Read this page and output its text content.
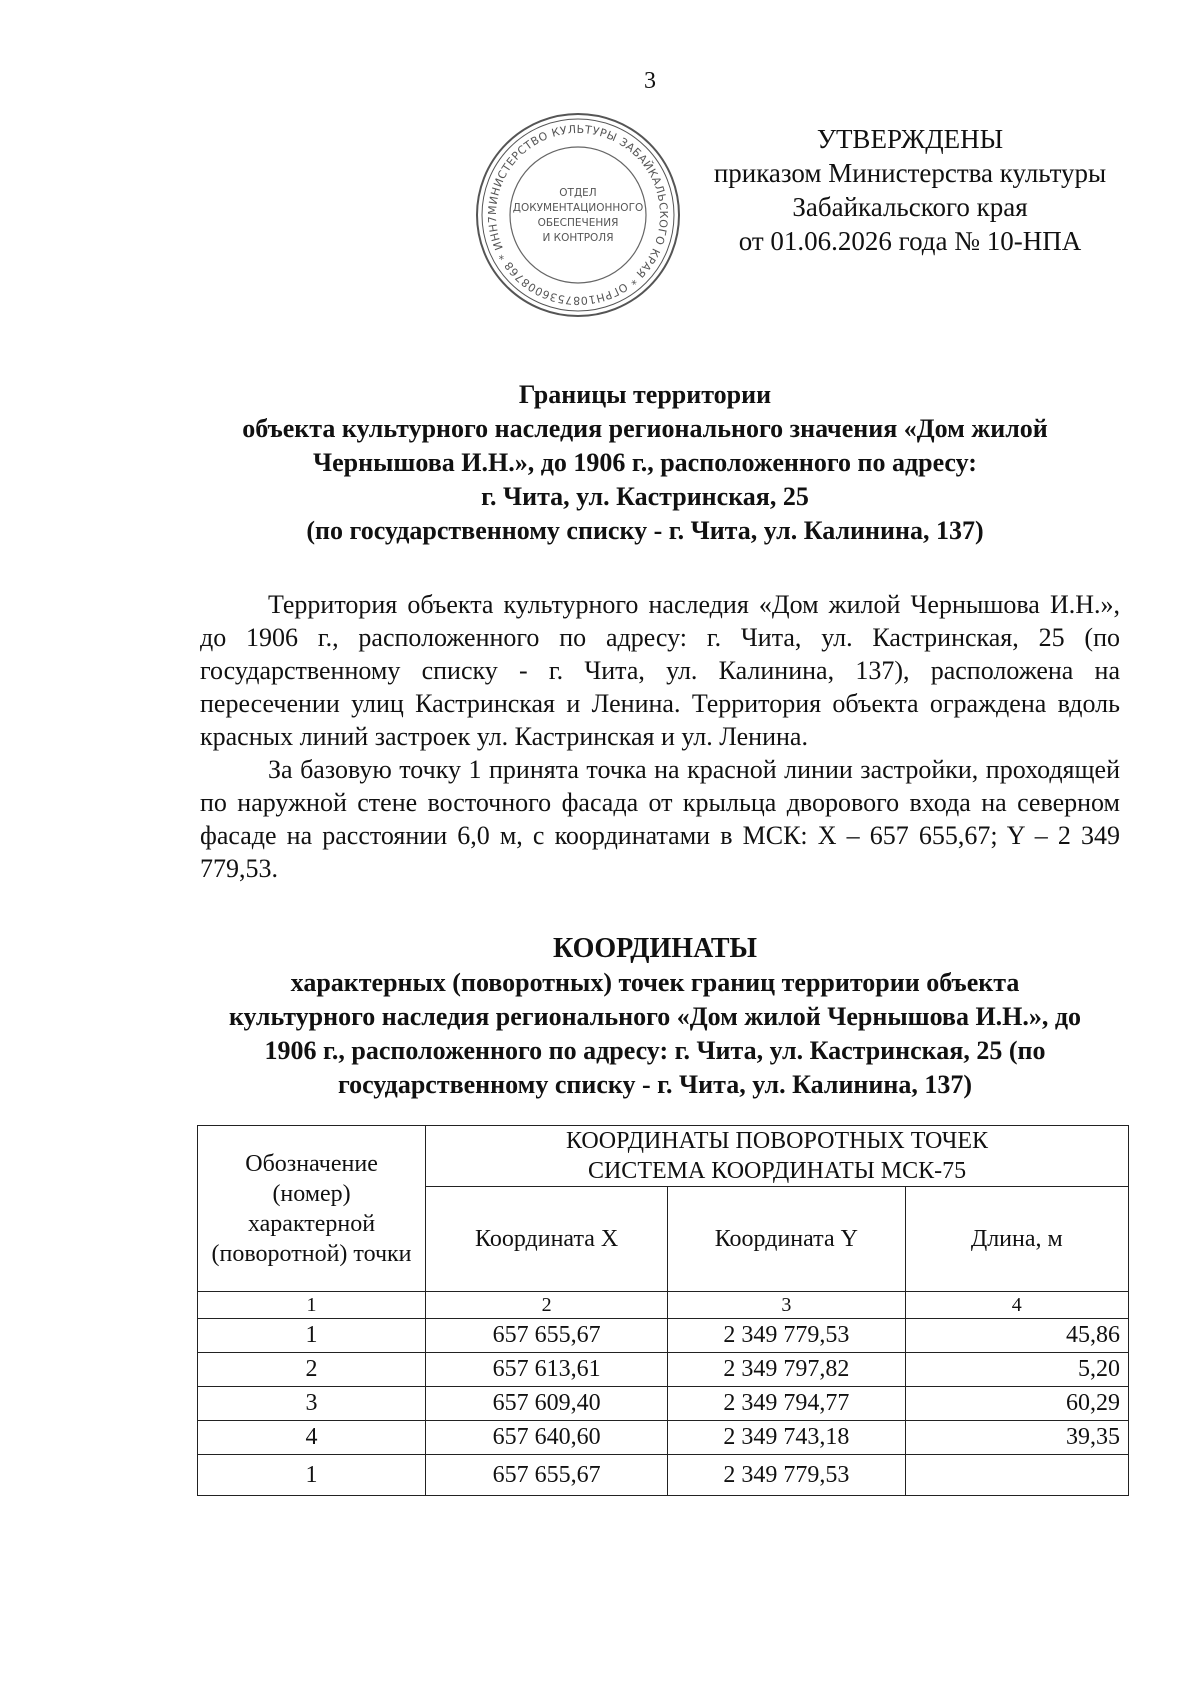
3
МИНИСТЕРСТВО КУЛЬТУРЫ ЗАБАЙКАЛЬСКОГО КРАЯ * ОГРН1087536008768 * ИНН7
ОТДЕЛ
ДОКУМЕНТАЦИОННОГО
ОБЕСПЕЧЕНИЯ
И КОНТРОЛЯ
УТВЕРЖДЕНЫ
приказом Министерства культуры
Забайкальского края
от 01.06.2026 года № 10-НПА
Границы территории
объекта культурного наследия регионального значения «Дом жилой
Чернышова И.Н.», до 1906 г., расположенного по адресу:
г. Чита, ул. Кастринская, 25
(по государственному списку - г. Чита, ул. Калинина, 137)

Территория объекта культурного наследия «Дом жилой Чернышова И.Н.», до 1906 г., расположенного по адресу: г. Чита, ул. Кастринская, 25 (по государственному списку - г. Чита, ул. Калинина, 137), расположена на пересечении улиц Кастринская и Ленина. Территория объекта ограждена вдоль красных линий застроек ул. Кастринская и ул. Ленина.

За базовую точку 1 принята точка на красной линии застройки, проходящей по наружной стене восточного фасада от крыльца дворового входа на северном фасаде на расстоянии 6,0 м, с координатами в МСК: X – 657 655,67; Y – 2 349 779,53.

КООРДИНАТЫ
характерных (поворотных) точек границ территории объекта
культурного наследия регионального «Дом жилой Чернышова И.Н.», до
1906 г., расположенного по адресу: г. Чита, ул. Кастринская, 25 (по
государственному списку - г. Чита, ул. Калинина, 137)
Обозначение (номер) характерной (поворотной) точки	КООРДИНАТЫ ПОВОРОТНЫХ ТОЧЕК
СИСТЕМА КООРДИНАТЫ МСК-75		

	Координата X	Координата Y	Длина, м
1	2	3	4
1	657 655,67	2 349 779,53	45,86
2	657 613,61	2 349 797,82	5,20
3	657 609,40	2 349 794,77	60,29
4	657 640,60	2 349 743,18	39,35
1	657 655,67	2 349 779,53	
